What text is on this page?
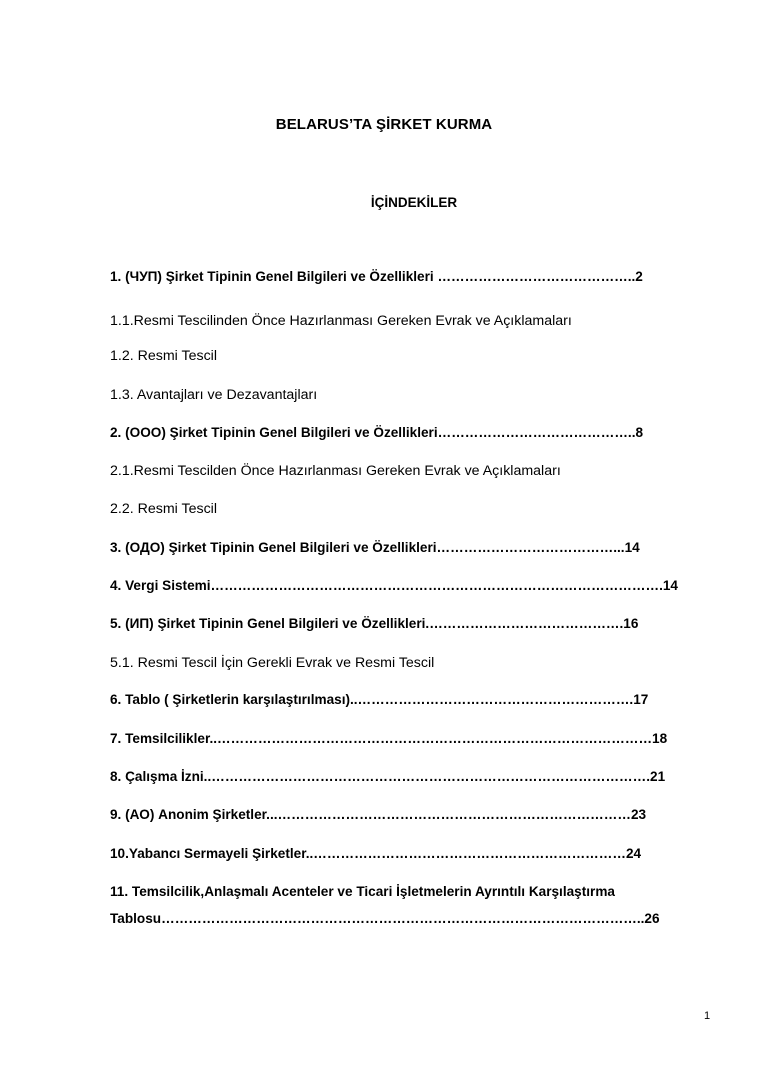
BELARUS’TA ŞİRKET KURMA
İÇİNDEKİLER
1. (ЧУП) Şirket Tipinin Genel Bilgileri ve Özellikleri ……………………………………..2
1.1.Resmi Tescilinden Önce Hazırlanması Gereken Evrak ve Açıklamaları
1.2. Resmi Tescil
1.3. Avantajları ve Dezavantajları
2. (ООО) Şirket Tipinin Genel Bilgileri ve Özellikleri……………………………………..8
2.1.Resmi Tescilden Önce Hazırlanması Gereken Evrak ve Açıklamaları
2.2. Resmi Tescil
3. (ОДО) Şirket Tipinin Genel Bilgileri ve Özellikleri…………………………………...14
4. Vergi Sistemi……………………………………………………………………………………….14
5. (ИП) Şirket Tipinin Genel Bilgileri ve Özellikleri.…………………………………….16
5.1. Resmi Tescil İçin Gerekli Evrak ve Resmi Tescil
6. Tablo ( Şirketlerin karşılaştırılması)..…………………………………………………….17
7. Temsilcilikler..……………………………………………………………………………………18
8. Çalışma İzni..…………………………………………………………………………………….21
9. (АО) Anonim Şirketler...……………………………………………………………………23
10.Yabancı Sermayeli Şirketler..……………………………………………………………24
11. Temsilcilik,Anlaşmalı Acenteler ve Ticari İşletmelerin Ayrıntılı Karşılaştırma
Tablosu……………………………………………………………………………………………..26
1
